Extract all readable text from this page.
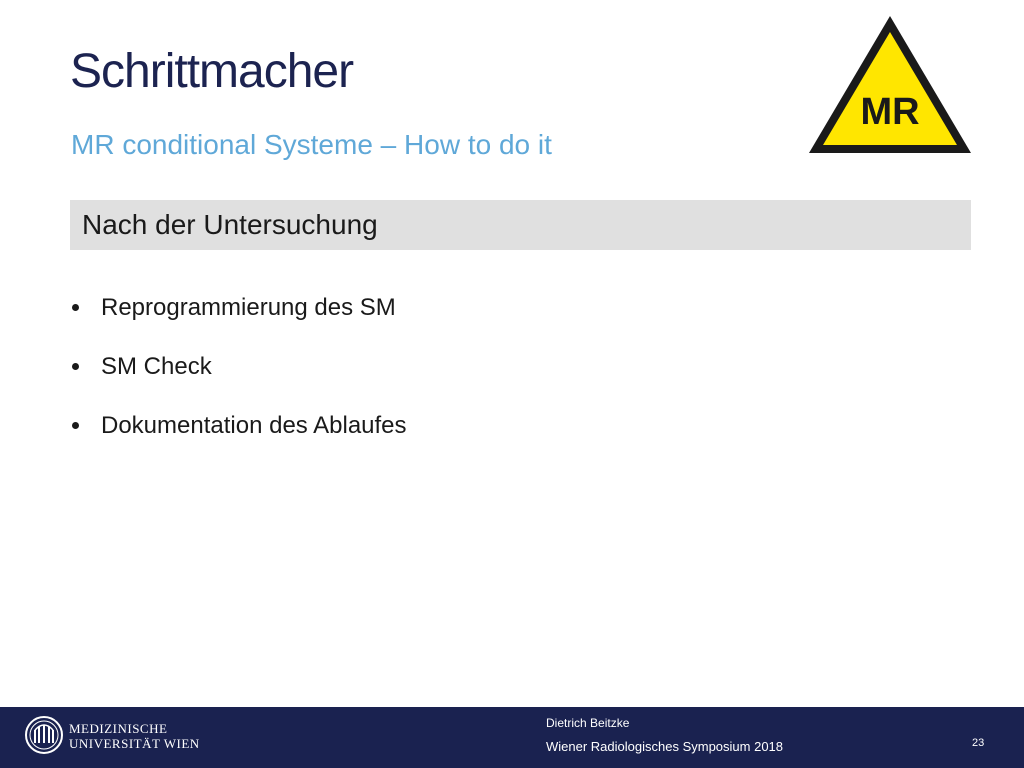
Schrittmacher
MR conditional Systeme – How to do it
MR
Nach der Untersuchung
Reprogrammierung des SM
SM Check
Dokumentation des Ablaufes
MEDIZINISCHE
UNIVERSITÄT WIEN
Dietrich Beitzke
Wiener Radiologisches Symposium 2018	23
